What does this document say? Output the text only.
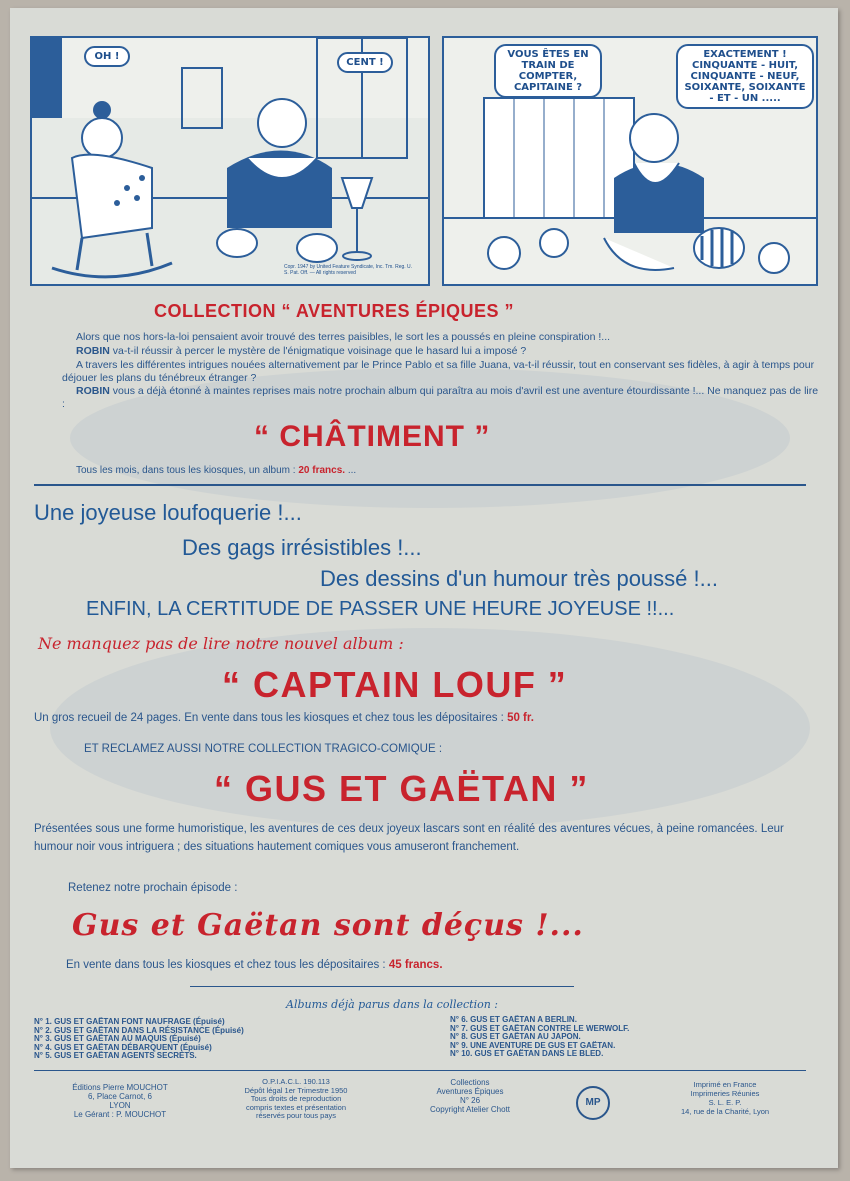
OH !
CENT !
Copr. 1947 by United Feature Syndicate, Inc. Tm. Reg. U. S. Pat. Off. — All rights reserved
VOUS ÊTES EN TRAIN DE COMPTER, CAPITAINE ?
EXACTEMENT ! CINQUANTE - HUIT, CINQUANTE - NEUF, SOIXANTE, SOIXANTE - ET - UN .....
COLLECTION “ AVENTURES ÉPIQUES ”
Alors que nos hors-la-loi pensaient avoir trouvé des terres paisibles, le sort les a poussés en pleine conspiration !...
ROBIN va-t-il réussir à percer le mystère de l'énigmatique voisinage que le hasard lui a imposé ?
A travers les différentes intrigues nouées alternativement par le Prince Pablo et sa fille Juana, va-t-il réussir, tout en conservant ses fidèles, à agir à temps pour déjouer les plans du ténébreux étranger ?
ROBIN vous a déjà étonné à maintes reprises mais notre prochain album qui paraîtra au mois d'avril est une aventure étourdissante !... Ne manquez pas de lire :
“ CHÂTIMENT ”
Tous les mois, dans tous les kiosques, un album : 20 francs. ...
Une joyeuse loufoquerie !...
Des gags irrésistibles !...
Des dessins d'un humour très poussé !...
ENFIN, LA CERTITUDE DE PASSER UNE HEURE JOYEUSE !!...
Ne manquez pas de lire notre nouvel album :
“ CAPTAIN LOUF ”
Un gros recueil de 24 pages. En vente dans tous les kiosques et chez tous les dépositaires : 50 fr.
ET RECLAMEZ AUSSI NOTRE COLLECTION TRAGICO-COMIQUE :
“ GUS ET GAËTAN ”
Présentées sous une forme humoristique, les aventures de ces deux joyeux lascars sont en réalité des aventures vécues, à peine romancées. Leur humour noir vous intriguera ; des situations hautement comiques vous amuseront franchement.
Retenez notre prochain épisode :
Gus et Gaëtan sont déçus !...
En vente dans tous les kiosques et chez tous les dépositaires : 45 francs.
Albums déjà parus dans la collection :
N° 1. GUS ET GAËTAN FONT NAUFRAGE (Épuisé)
N° 2. GUS ET GAËTAN DANS LA RÉSISTANCE (Épuisé)
N° 3. GUS ET GAËTAN AU MAQUIS (Épuisé)
N° 4. GUS ET GAËTAN DÉBARQUENT (Épuisé)
N° 5. GUS ET GAËTAN AGENTS SECRETS.
N° 6. GUS ET GAËTAN A BERLIN.
N° 7. GUS ET GAËTAN CONTRE LE WERWOLF.
N° 8. GUS ET GAËTAN AU JAPON.
N° 9. UNE AVENTURE DE GUS ET GAËTAN.
N° 10. GUS ET GAËTAN DANS LE BLED.
Éditions Pierre MOUCHOT
6, Place Carnot, 6
LYON
Le Gérant : P. MOUCHOT
O.P.I.A.C.L. 190.113
Dépôt légal 1er Trimestre 1950
Tous droits de reproduction
compris textes et présentation
réservés pour tous pays
Collections
Aventures Épiques
N° 26
Copyright Atelier Chott
MP
Imprimé en France
Imprimeries Réunies
S. L. E. P.
14, rue de la Charité, Lyon
